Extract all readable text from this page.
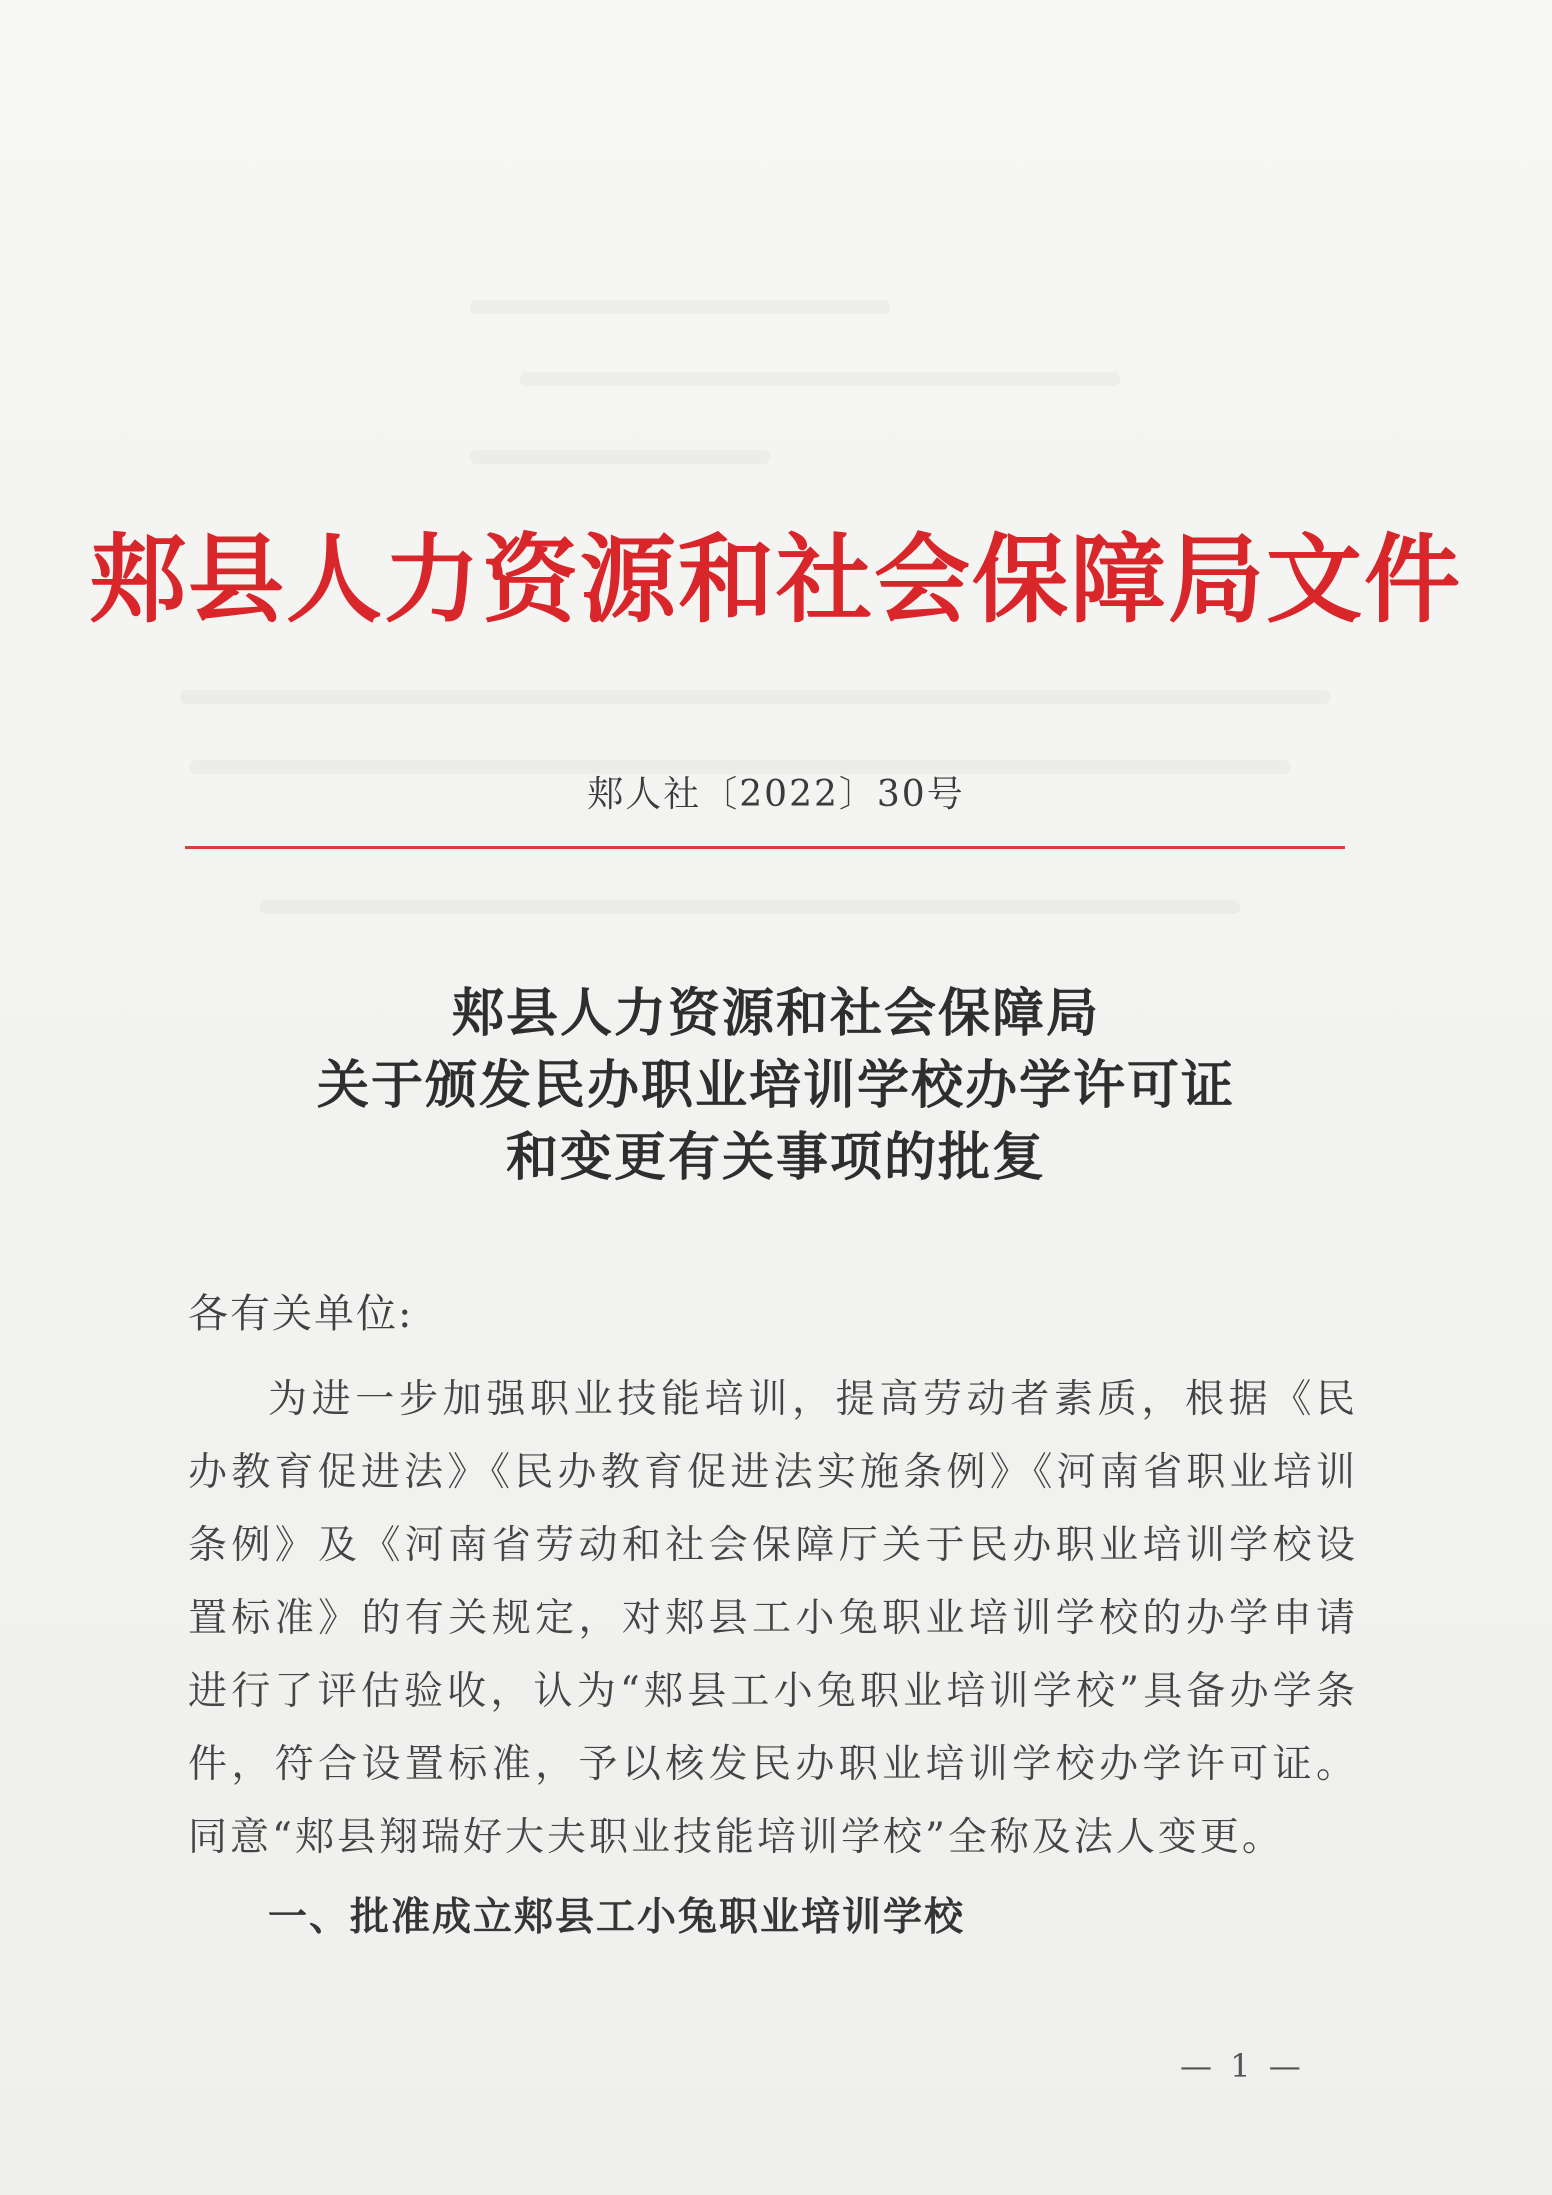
郏县人力资源和社会保障局文件
郏人社〔2022〕30号
郏县人力资源和社会保障局
关于颁发民办职业培训学校办学许可证
和变更有关事项的批复
各有关单位:
为进一步加强职业技能培训，提高劳动者素质，根据《民办教育促进法》《民办教育促进法实施条例》《河南省职业培训条例》及《河南省劳动和社会保障厅关于民办职业培训学校设置标准》的有关规定，对郏县工小兔职业培训学校的办学申请进行了评估验收，认为“郏县工小兔职业培训学校”具备办学条件，符合设置标准，予以核发民办职业培训学校办学许可证。同意“郏县翔瑞好大夫职业技能培训学校”全称及法人变更。
一、批准成立郏县工小兔职业培训学校
— 1 —
